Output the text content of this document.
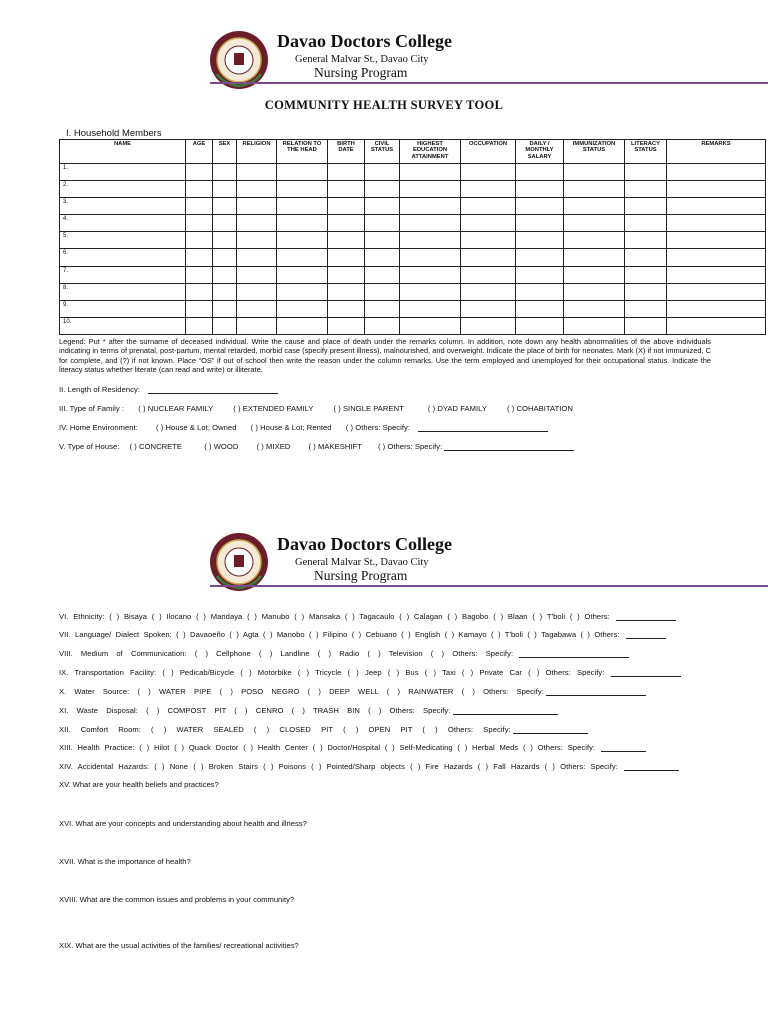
Davao Doctors College
General Malvar St., Davao City
Nursing Program
COMMUNITY HEALTH SURVEY TOOL
I. Household Members
NAME	AGE	SEX	RELIGION	RELATION TO THE HEAD	BIRTH DATE	CIVIL STATUS	HIGHEST EDUCATION ATTAINMENT	OCCUPATION	DAILY / MONTHLY SALARY	IMMUNIZATION STATUS	LITERACY STATUS	REMARKS
1.												
2.												
3.												
4.												
5.												
6.												
7.												
8.												
9.												
10.												
Legend: Put * after the surname of deceased individual. Write the cause and place of death under the remarks column. In addition, note down any health abnormalities of the above individuals indicating in terms of prenatal, post-partum, mental retarded, morbid case (specify present illness), malnourished, and overweight. Indicate the place of birth for neonates. Mark (X) if not immunized, C for complete, and (?) if not known. Place “OS” if out of school then write the reason under the column remarks. Use the term employed and unemployed for their occupational status. Indicate the literacy status whether literate (can read and write) or illiterate.
II. Length of Residency:
III. Type of Family : ( ) NUCLEAR FAMILY	( ) EXTENDED FAMILY	( ) SINGLE PARENT	( ) DYAD FAMILY	( ) COHABITATION
IV. Home Environment: ( ) House & Lot; Owned ( ) House & Lot; Rented ( ) Others: Specify:
V. Type of House: ( ) CONCRETE	( ) WOOD ( ) MIXED ( ) MAKESHIFT ( ) Others: Specify:
Davao Doctors College
General Malvar St., Davao City
Nursing Program
VI. Ethnicity: ( ) Bisaya ( ) Ilocano ( ) Mandaya ( ) Manubo ( ) Mansaka ( ) Tagacaulo ( ) Calagan ( ) Bagobo ( ) Blaan ( ) T'boli ( ) Others:
VII. Language/ Dialect Spoken: ( ) Davaoeño ( ) Agta ( ) Manobo ( ) Filipino ( ) Cebuano ( ) English ( ) Kamayo ( ) T'boli ( ) Tagabawa ( ) Others:
VIII. Medium of Communication: ( ) Cellphone ( ) Landline ( ) Radio ( ) Television ( ) Others: Specify:
IX. Transportation Facility: ( ) Pedicab/Bicycle ( ) Motorbike ( ) Tricycle ( ) Jeep ( ) Bus ( ) Taxi ( ) Private Car ( ) Others: Specify:
X. Water Source: ( ) WATER PIPE ( ) POSO NEGRO ( ) DEEP WELL ( ) RAINWATER ( ) Others: Specify:
XI. Waste Disposal: ( ) COMPOST PIT ( ) CENRO ( ) TRASH BIN ( ) Others: Specify:
XII. Comfort Room: ( ) WATER SEALED ( ) CLOSED PIT ( ) OPEN PIT ( ) Others: Specify:
XIII. Health Practice: ( ) Hilot ( ) Quack Doctor ( ) Health Center ( ) Doctor/Hospital ( ) Self-Medicating ( ) Herbal Meds ( ) Others: Specify:
XIV. Accidental Hazards: ( ) None ( ) Broken Stairs ( ) Poisons ( ) Pointed/Sharp objects ( ) Fire Hazards ( ) Fall Hazards ( ) Others: Specify:
XV. What are your health beliefs and practices?
XVI. What are your concepts and understanding about health and illness?
XVII. What is the importance of health?
XVIII. What are the common issues and problems in your community?
XIX. What are the usual activities of the families/ recreational activities?
